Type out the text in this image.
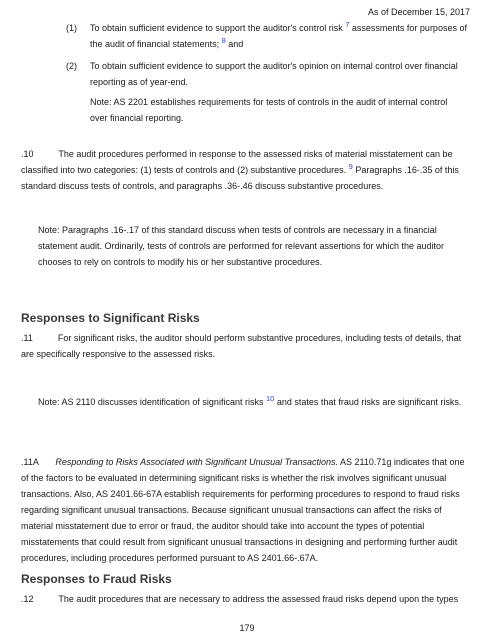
As of December 15, 2017
(1) To obtain sufficient evidence to support the auditor's control risk $^7$ assessments for purposes of the audit of financial statements; $^8$ and
(2) To obtain sufficient evidence to support the auditor's opinion on internal control over financial reporting as of year-end.
Note: AS 2201 establishes requirements for tests of controls in the audit of internal control over financial reporting.
.10	The audit procedures performed in response to the assessed risks of material misstatement can be classified into two categories: (1) tests of controls and (2) substantive procedures. $^9$ Paragraphs .16-.35 of this standard discuss tests of controls, and paragraphs .36-.46 discuss substantive procedures.
Note: Paragraphs .16-.17 of this standard discuss when tests of controls are necessary in a financial statement audit. Ordinarily, tests of controls are performed for relevant assertions for which the auditor chooses to rely on controls to modify his or her substantive procedures.
Responses to Significant Risks
.11	For significant risks, the auditor should perform substantive procedures, including tests of details, that are specifically responsive to the assessed risks.
Note: AS 2110 discusses identification of significant risks $^{10}$ and states that fraud risks are significant risks.
.11A Responding to Risks Associated with Significant Unusual Transactions. AS 2110.71g indicates that one of the factors to be evaluated in determining significant risks is whether the risk involves significant unusual transactions. Also, AS 2401.66-67A establish requirements for performing procedures to respond to fraud risks regarding significant unusual transactions. Because significant unusual transactions can affect the risks of material misstatement due to error or fraud, the auditor should take into account the types of potential misstatements that could result from significant unusual transactions in designing and performing further audit procedures, including procedures performed pursuant to AS 2401.66-.67A.
Responses to Fraud Risks
.12	The audit procedures that are necessary to address the assessed fraud risks depend upon the types
179
